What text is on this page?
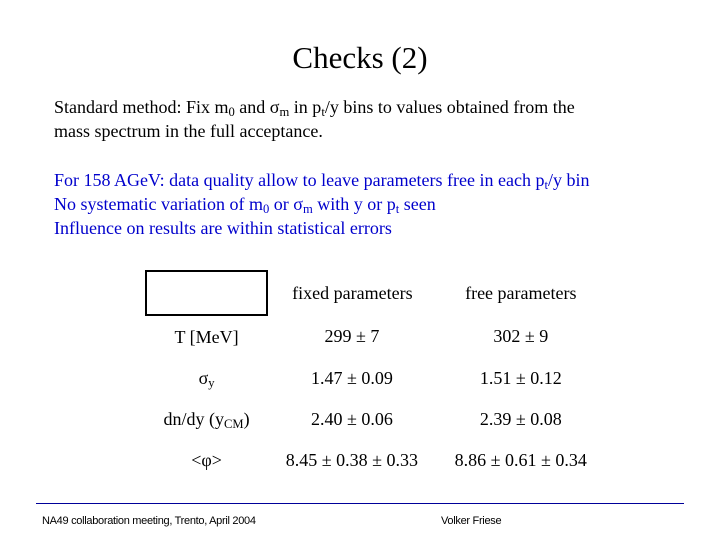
Checks (2)
Standard method: Fix $m_0$ and $\sigma_m$ in $p_t/y$ bins to values obtained from the
mass spectrum in the full acceptance.
For 158 AGeV: data quality allow to leave parameters free in each $p_t/y$ bin
No systematic variation of $m_0$ or $\sigma_m$ with y or $p_t$ seen
Influence on results are within statistical errors
	fixed parameters	free parameters
T [MeV]	299 ± 7	302 ± 9
$\sigma_y$	1.47 ± 0.09	1.51 ± 0.12
dn/dy $(y_{CM})$	2.40 ± 0.06	2.39 ± 0.08
<φ>	8.45 ± 0.38 ± 0.33	8.86 ± 0.61 ± 0.34
NA49 collaboration meeting, Trento, April 2004	Volker Friese
